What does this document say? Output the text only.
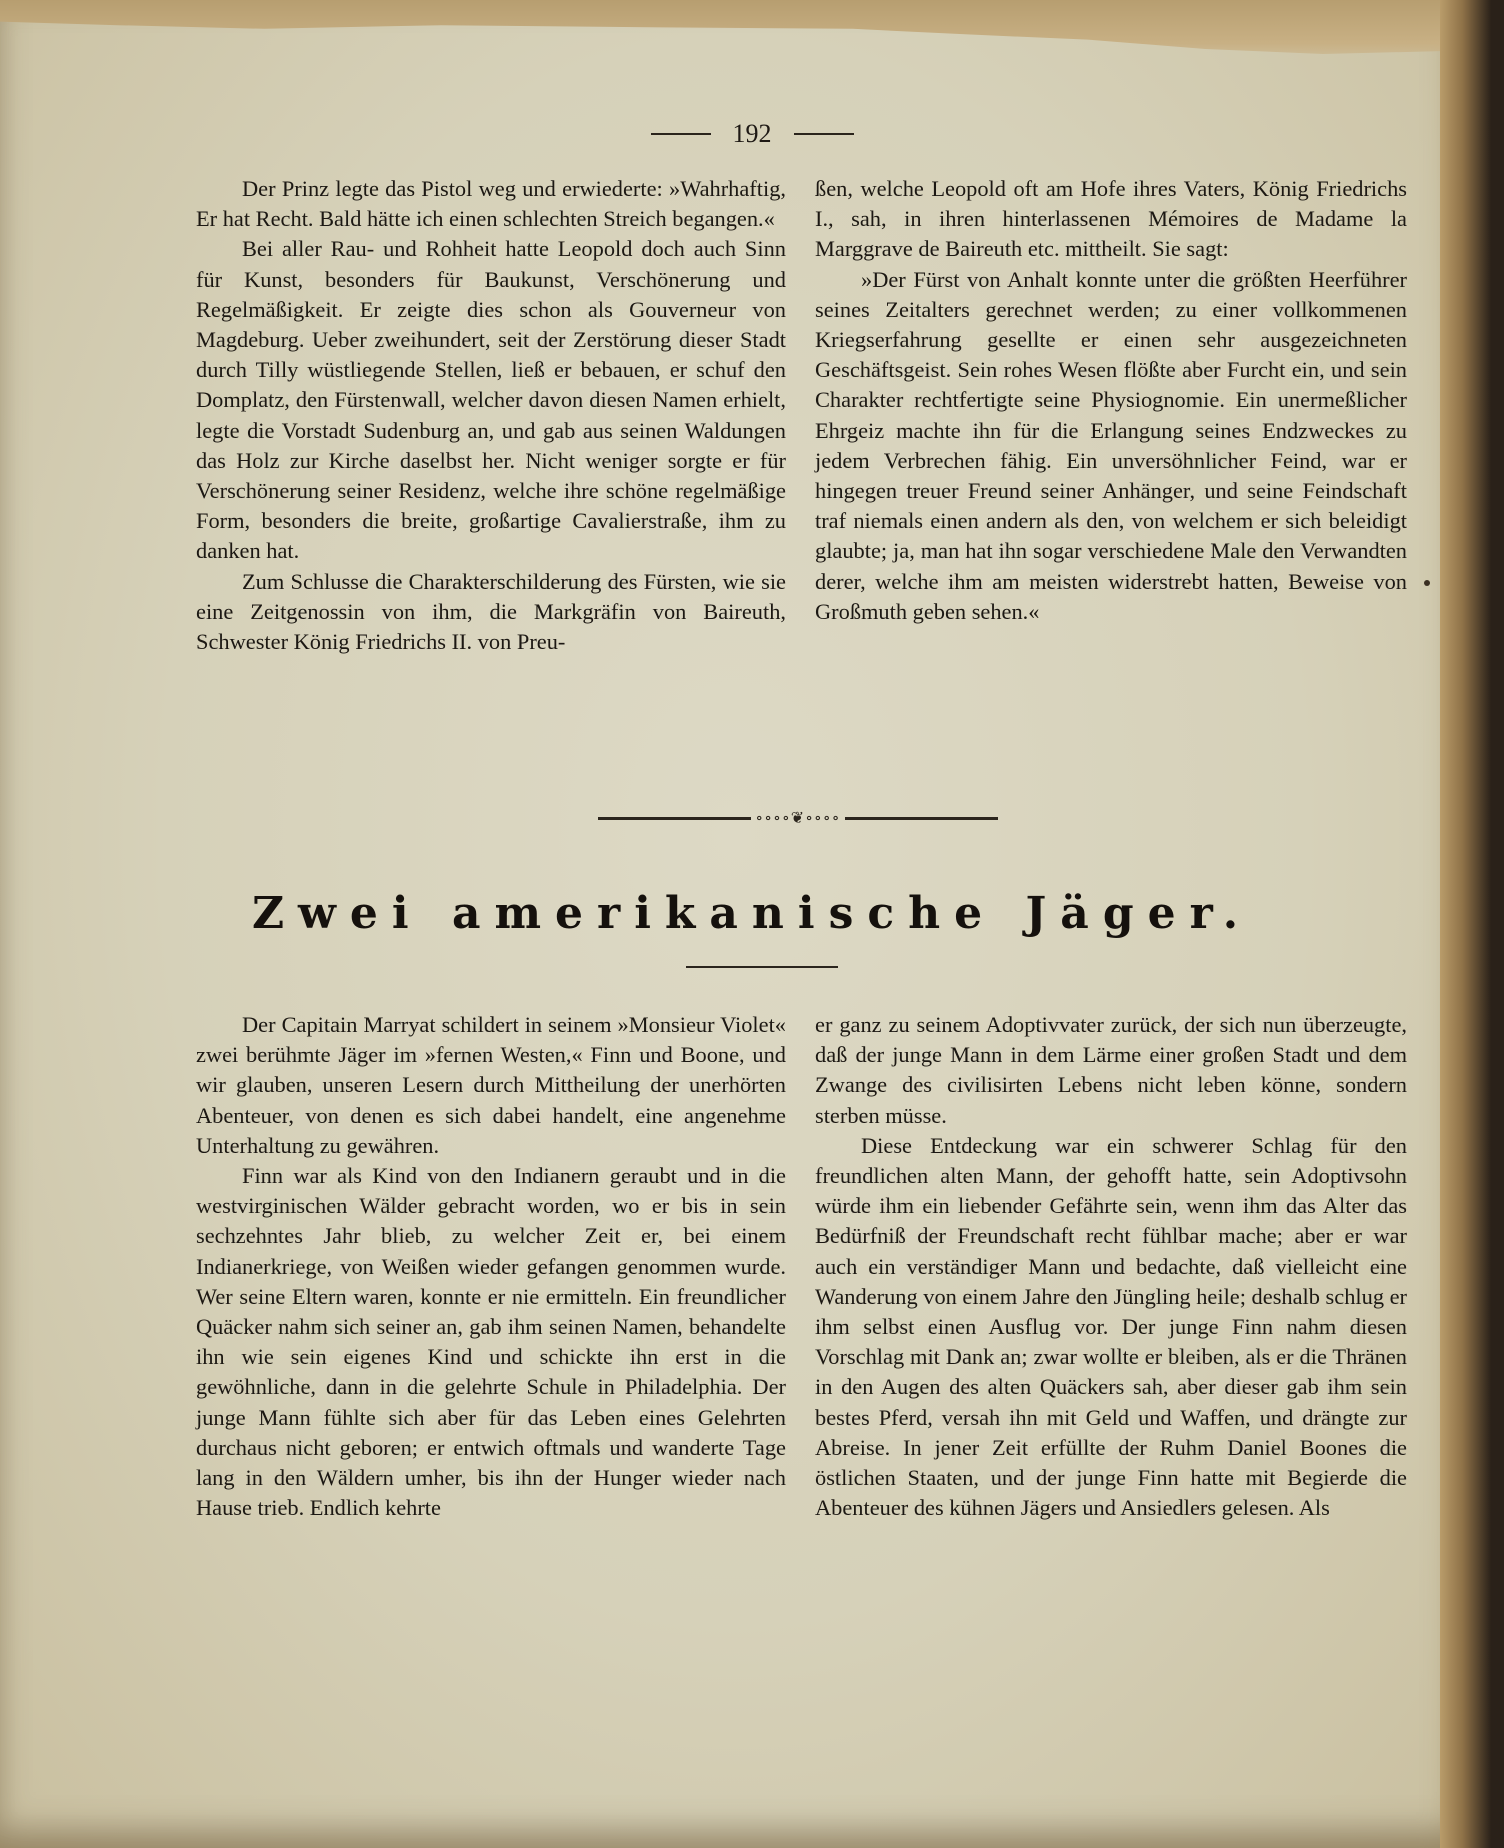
192

Der Prinz legte das Pistol weg und erwiederte: »Wahrhaftig, Er hat Recht. Bald hätte ich einen schlechten Streich begangen.«

Bei aller Rau- und Rohheit hatte Leopold doch auch Sinn für Kunst, besonders für Baukunst, Verschönerung und Regelmäßigkeit. Er zeigte dies schon als Gouverneur von Magdeburg. Ueber zweihundert, seit der Zerstörung dieser Stadt durch Tilly wüstliegende Stellen, ließ er bebauen, er schuf den Domplatz, den Fürstenwall, welcher davon diesen Namen erhielt, legte die Vorstadt Sudenburg an, und gab aus seinen Waldungen das Holz zur Kirche daselbst her. Nicht weniger sorgte er für Verschönerung seiner Residenz, welche ihre schöne regelmäßige Form, besonders die breite, großartige Cavalierstraße, ihm zu danken hat.

Zum Schlusse die Charakterschilderung des Fürsten, wie sie eine Zeitgenossin von ihm, die Markgräfin von Baireuth, Schwester König Friedrichs II. von Preu-

ßen, welche Leopold oft am Hofe ihres Vaters, König Friedrichs I., sah, in ihren hinterlassenen Mémoires de Madame la Marggrave de Baireuth etc. mittheilt. Sie sagt:

»Der Fürst von Anhalt konnte unter die größten Heerführer seines Zeitalters gerechnet werden; zu einer vollkommenen Kriegserfahrung gesellte er einen sehr ausgezeichneten Geschäftsgeist. Sein rohes Wesen flößte aber Furcht ein, und sein Charakter rechtfertigte seine Physiognomie. Ein unermeßlicher Ehrgeiz machte ihn für die Erlangung seines Endzweckes zu jedem Verbrechen fähig. Ein unversöhnlicher Feind, war er hingegen treuer Freund seiner Anhänger, und seine Feindschaft traf niemals einen andern als den, von welchem er sich beleidigt glaubte; ja, man hat ihn sogar verschiedene Male den Verwandten derer, welche ihm am meisten widerstrebt hatten, Beweise von Großmuth geben sehen.«

∘∘∘∘❦∘∘∘∘
Zwei amerikanische Jäger.

Der Capitain Marryat schildert in seinem »Monsieur Violet« zwei berühmte Jäger im »fernen Westen,« Finn und Boone, und wir glauben, unseren Lesern durch Mittheilung der unerhörten Abenteuer, von denen es sich dabei handelt, eine angenehme Unterhaltung zu gewähren.

Finn war als Kind von den Indianern geraubt und in die westvirginischen Wälder gebracht worden, wo er bis in sein sechzehntes Jahr blieb, zu welcher Zeit er, bei einem Indianerkriege, von Weißen wieder gefangen genommen wurde. Wer seine Eltern waren, konnte er nie ermitteln. Ein freundlicher Quäcker nahm sich seiner an, gab ihm seinen Namen, behandelte ihn wie sein eigenes Kind und schickte ihn erst in die gewöhnliche, dann in die gelehrte Schule in Philadelphia. Der junge Mann fühlte sich aber für das Leben eines Gelehrten durchaus nicht geboren; er entwich oftmals und wanderte Tage lang in den Wäldern umher, bis ihn der Hunger wieder nach Hause trieb. Endlich kehrte

er ganz zu seinem Adoptivvater zurück, der sich nun überzeugte, daß der junge Mann in dem Lärme einer großen Stadt und dem Zwange des civilisirten Lebens nicht leben könne, sondern sterben müsse.

Diese Entdeckung war ein schwerer Schlag für den freundlichen alten Mann, der gehofft hatte, sein Adoptivsohn würde ihm ein liebender Gefährte sein, wenn ihm das Alter das Bedürfniß der Freundschaft recht fühlbar mache; aber er war auch ein verständiger Mann und bedachte, daß vielleicht eine Wanderung von einem Jahre den Jüngling heile; deshalb schlug er ihm selbst einen Ausflug vor. Der junge Finn nahm diesen Vorschlag mit Dank an; zwar wollte er bleiben, als er die Thränen in den Augen des alten Quäckers sah, aber dieser gab ihm sein bestes Pferd, versah ihn mit Geld und Waffen, und drängte zur Abreise. In jener Zeit erfüllte der Ruhm Daniel Boones die östlichen Staaten, und der junge Finn hatte mit Begierde die Abenteuer des kühnen Jägers und Ansiedlers gelesen. Als
